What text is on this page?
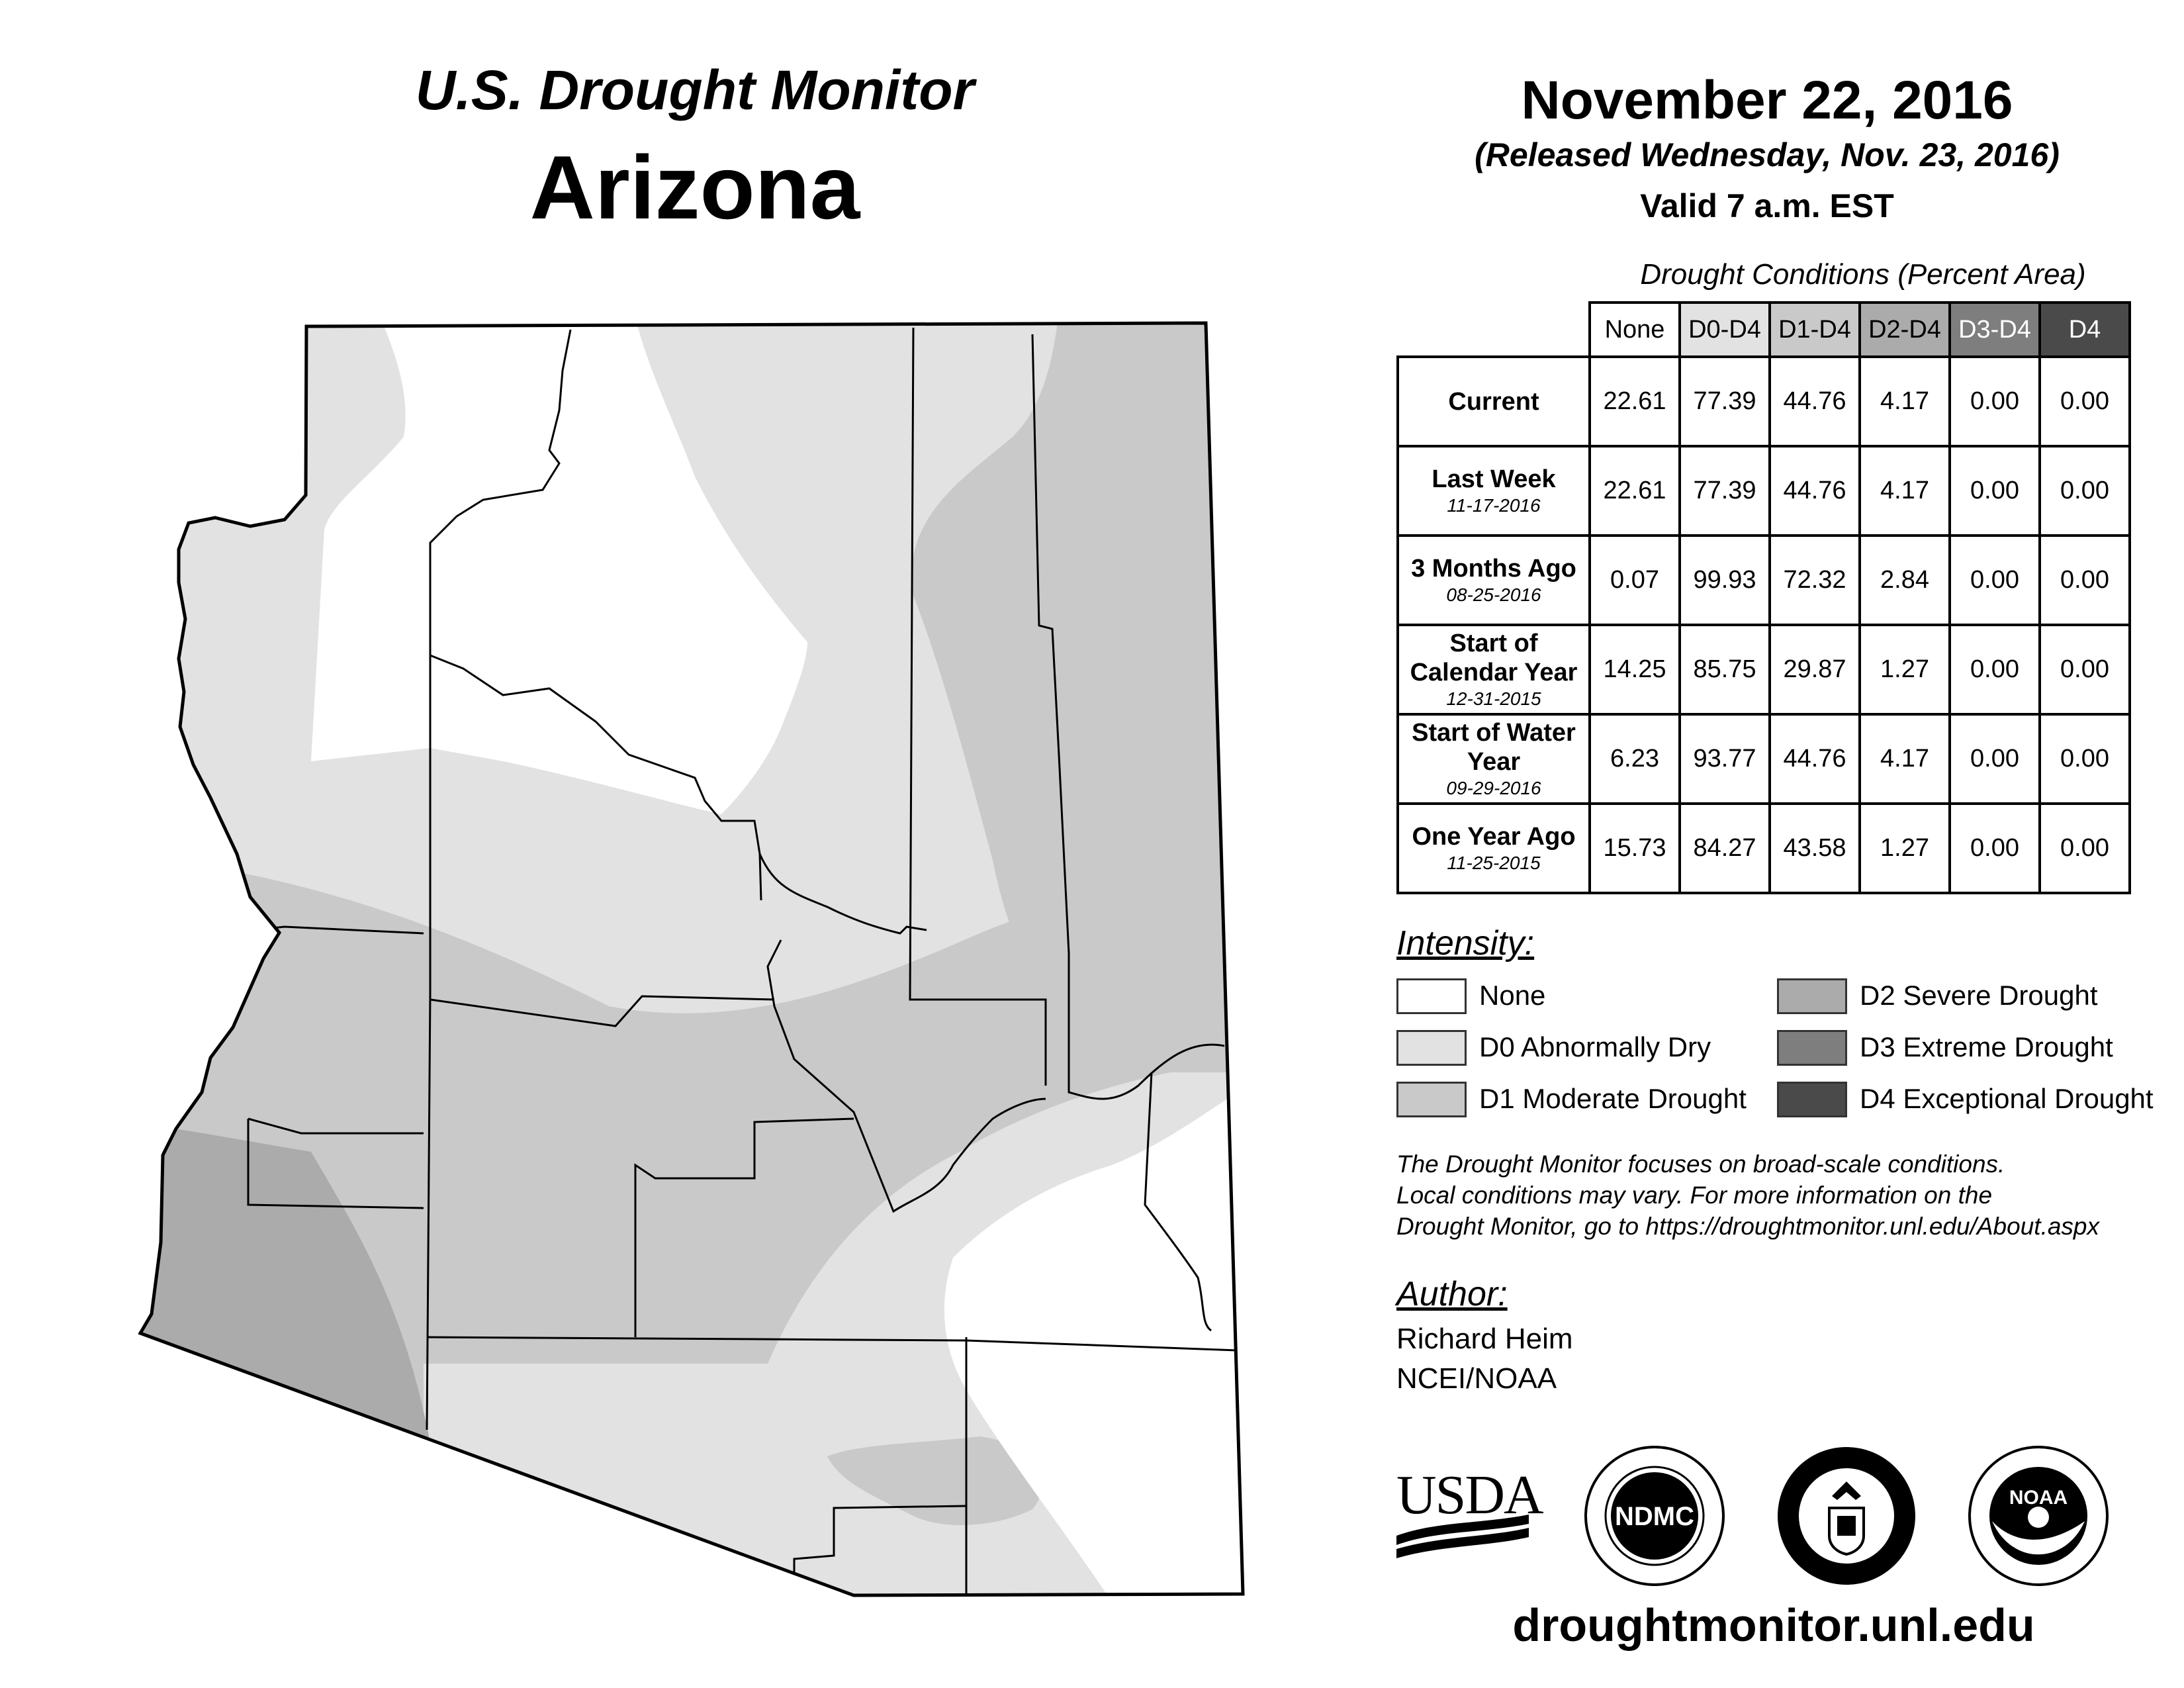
U.S. Drought Monitor
Arizona
November 22, 2016
(Released Wednesday, Nov. 23, 2016)
Valid 7 a.m. EST
Drought Conditions (Percent Area)
	None	D0-D4	D1-D4	D2-D4	D3-D4	D4

Current	22.61	77.39	44.76	4.17	0.00	0.00

Last Week
11-17-2016	22.61	77.39	44.76	4.17	0.00	0.00

3 Months Ago
08-25-2016	0.07	99.93	72.32	2.84	0.00	0.00

Start of Calendar Year
12-31-2015	14.25	85.75	29.87	1.27	0.00	0.00

Start of Water Year
09-29-2016	6.23	93.77	44.76	4.17	0.00	0.00

One Year Ago
11-25-2015	15.73	84.27	43.58	1.27	0.00	0.00
Intensity:
None
D0 Abnormally Dry
D1 Moderate Drought
D2 Severe Drought
D3 Extreme Drought
D4 Exceptional Drought
The Drought Monitor focuses on broad-scale conditions.
Local conditions may vary. For more information on the
Drought Monitor, go to https://droughtmonitor.unl.edu/About.aspx
Author:
Richard Heim
NCEI/NOAA
USDA	NDMC
NOAA
droughtmonitor.unl.edu
